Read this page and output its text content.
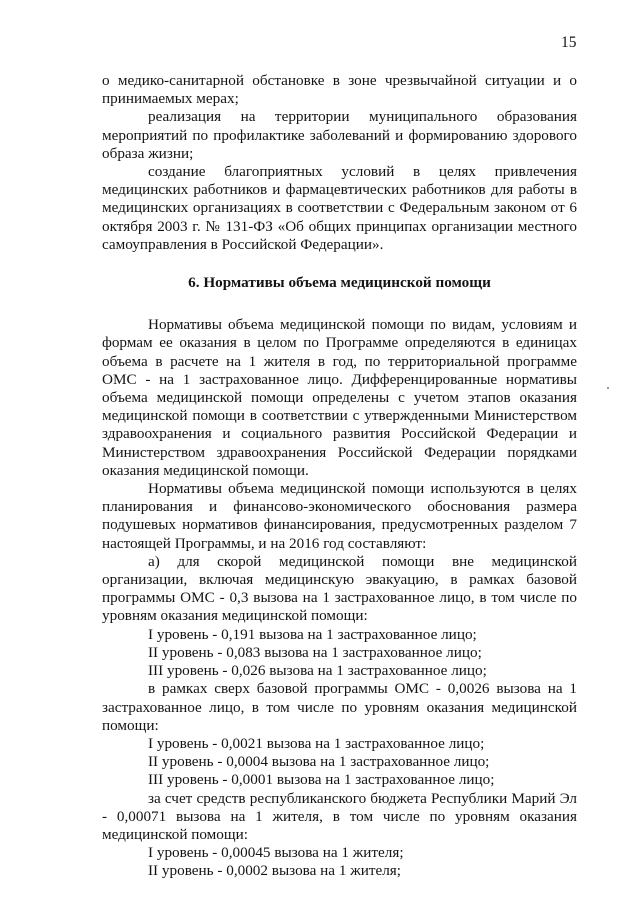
15

о медико-санитарной обстановке в зоне чрезвычайной ситуации и о принимаемых мерах;

реализация на территории муниципального образования мероприятий по профилактике заболеваний и формированию здорового образа жизни;

создание благоприятных условий в целях привлечения медицинских работников и фармацевтических работников для работы в медицинских организациях в соответствии с Федеральным законом от 6 октября 2003 г. № 131-ФЗ «Об общих принципах организации местного самоуправления в Российской Федерации».

6. Нормативы объема медицинской помощи

Нормативы объема медицинской помощи по видам, условиям и формам ее оказания в целом по Программе определяются в единицах объема в расчете на 1 жителя в год, по территориальной программе ОМС - на 1 застрахованное лицо. Дифференцированные нормативы объема медицинской помощи определены с учетом этапов оказания медицинской помощи в соответствии с утвержденными Министерством здравоохранения и социального развития Российской Федерации и Министерством здравоохранения Российской Федерации порядками оказания медицинской помощи.

Нормативы объема медицинской помощи используются в целях планирования и финансово-экономического обоснования размера подушевых нормативов финансирования, предусмотренных разделом 7 настоящей Программы, и на 2016 год составляют:

а) для скорой медицинской помощи вне медицинской организации, включая медицинскую эвакуацию, в рамках базовой программы ОМС - 0,3 вызова на 1 застрахованное лицо, в том числе по уровням оказания медицинской помощи:

I уровень - 0,191 вызова на 1 застрахованное лицо;

II уровень - 0,083 вызова на 1 застрахованное лицо;

III уровень - 0,026 вызова на 1 застрахованное лицо;

в рамках сверх базовой программы ОМС - 0,0026 вызова на 1 застрахованное лицо, в том числе по уровням оказания медицинской помощи:

I уровень - 0,0021 вызова на 1 застрахованное лицо;

II уровень - 0,0004 вызова на 1 застрахованное лицо;

III уровень - 0,0001 вызова на 1 застрахованное лицо;

за счет средств республиканского бюджета Республики Марий Эл - 0,00071 вызова на 1 жителя, в том числе по уровням оказания медицинской помощи:

I уровень - 0,00045 вызова на 1 жителя;

II уровень - 0,0002 вызова на 1 жителя;
